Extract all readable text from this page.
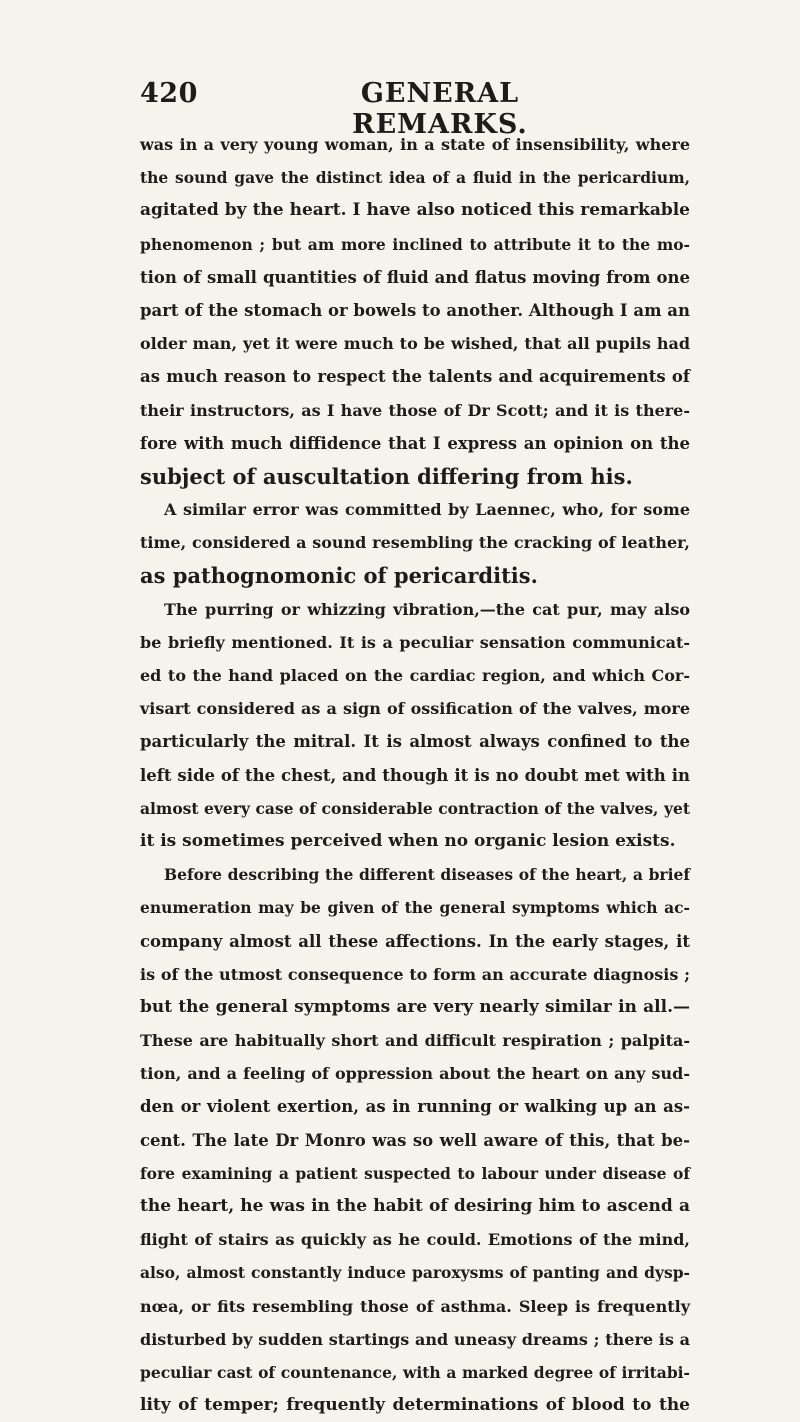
420	GENERAL REMARKS.
was in a very young woman, in a state of insensibility, where
the sound gave the distinct idea of a fluid in the pericardium,
agitated by the heart. I have also noticed this remarkable
phenomenon ; but am more inclined to attribute it to the mo-
tion of small quantities of fluid and flatus moving from one
part of the stomach or bowels to another. Although I am an
older man, yet it were much to be wished, that all pupils had
as much reason to respect the talents and acquirements of
their instructors, as I have those of Dr Scott; and it is there-
fore with much diffidence that I express an opinion on the
subject of auscultation differing from his.
A similar error was committed by Laennec, who, for some
time, considered a sound resembling the cracking of leather,
as pathognomonic of pericarditis.
The purring or whizzing vibration,—the cat pur, may also
be briefly mentioned. It is a peculiar sensation communicat-
ed to the hand placed on the cardiac region, and which Cor-
visart considered as a sign of ossification of the valves, more
particularly the mitral. It is almost always confined to the
left side of the chest, and though it is no doubt met with in
almost every case of considerable contraction of the valves, yet
it is sometimes perceived when no organic lesion exists.
Before describing the different diseases of the heart, a brief
enumeration may be given of the general symptoms which ac-
company almost all these affections. In the early stages, it
is of the utmost consequence to form an accurate diagnosis ;
but the general symptoms are very nearly similar in all.—
These are habitually short and difficult respiration ; palpita-
tion, and a feeling of oppression about the heart on any sud-
den or violent exertion, as in running or walking up an as-
cent. The late Dr Monro was so well aware of this, that be-
fore examining a patient suspected to labour under disease of
the heart, he was in the habit of desiring him to ascend a
flight of stairs as quickly as he could. Emotions of the mind,
also, almost constantly induce paroxysms of panting and dysp-
nœa, or fits resembling those of asthma. Sleep is frequently
disturbed by sudden startings and uneasy dreams ; there is a
peculiar cast of countenance, with a marked degree of irritabi-
lity of temper; frequently determinations of blood to the
